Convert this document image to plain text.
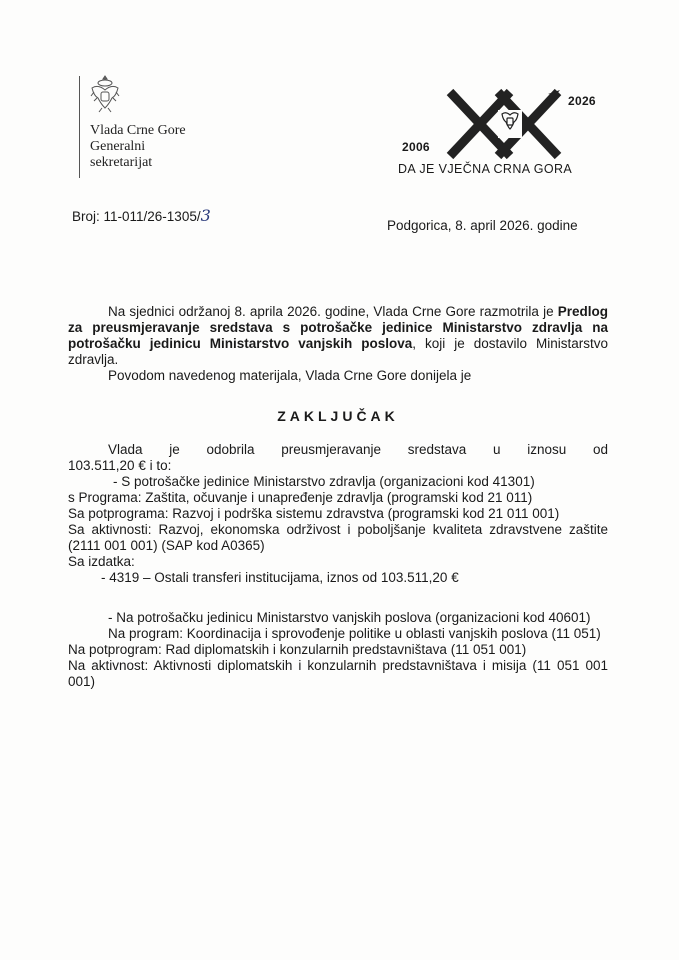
Vlada Crne Gore
Generalni
sekretarijat
2006
2026
DA JE VJEČNA CRNA GORA
Broj: 11-011/26-1305/3
Podgorica, 8. april 2026. godine

Na sjednici održanoj 8. aprila 2026. godine, Vlada Crne Gore razmotrila je Predlog za preusmjeravanje sredstava s potrošačke jedinice Ministarstvo zdravlja na potrošačku jedinicu Ministarstvo vanjskih poslova, koji je dostavilo Ministarstvo zdravlja.

Povodom navedenog materijala, Vlada Crne Gore donijela je

ZAKLJUČAK

Vlada je odobrila preusmjeravanje sredstava u iznosu od

103.511,20 € i to:

- S potrošačke jedinice Ministarstvo zdravlja (organizacioni kod 41301)

s Programa: Zaštita, očuvanje i unapređenje zdravlja (programski kod 21 011)

Sa potprograma: Razvoj i podrška sistemu zdravstva (programski kod 21 011 001)

Sa aktivnosti: Razvoj, ekonomska održivost i poboljšanje kvaliteta zdravstvene zaštite (2111 001 001) (SAP kod A0365)

Sa izdatka:

- 4319 – Ostali transferi institucijama, iznos od 103.511,20 €

- Na potrošačku jedinicu Ministarstvo vanjskih poslova (organizacioni kod 40601)

Na program: Koordinacija i sprovođenje politike u oblasti vanjskih poslova (11 051)

Na potprogram: Rad diplomatskih i konzularnih predstavništava (11 051 001)

Na aktivnost: Aktivnosti diplomatskih i konzularnih predstavništava i misija (11 051 001 001)
